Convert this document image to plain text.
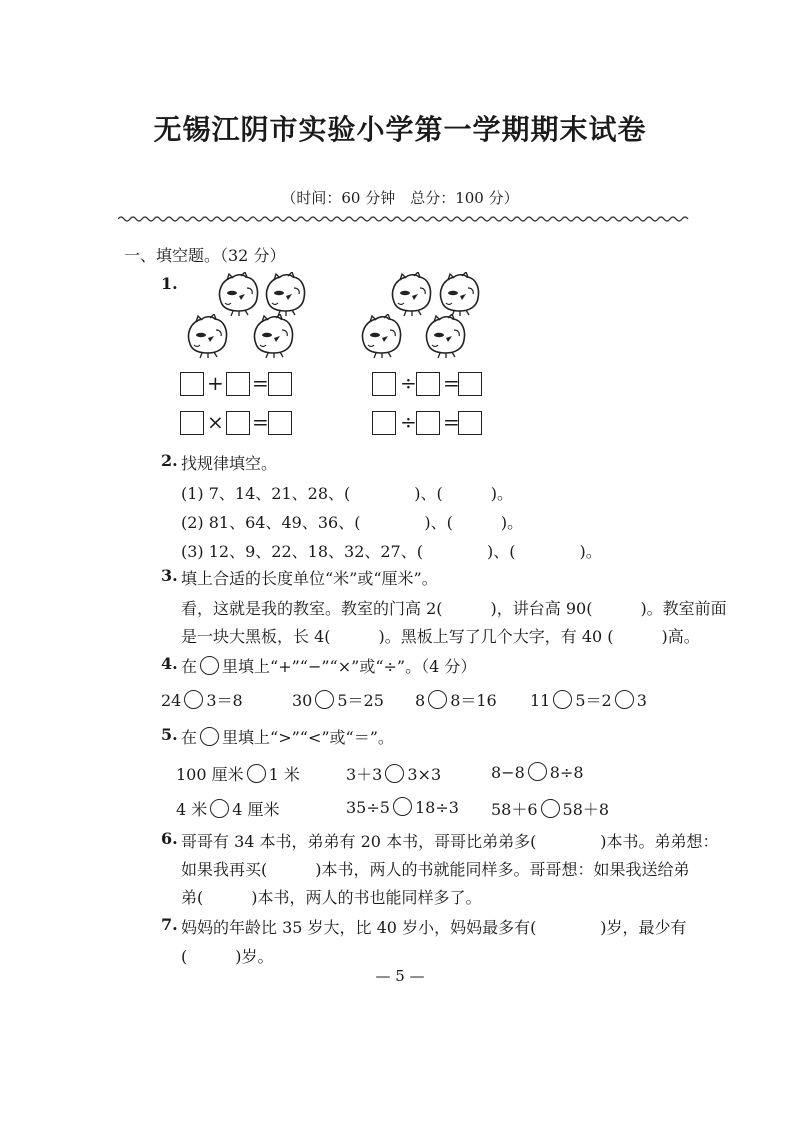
无锡江阴市实验小学第一学期期末试卷
（时间：60 分钟　总分：100 分）
一、填空题。（32 分）
1.
+ =
× =
÷ =
÷ =
2. 找规律填空。
(1) 7、14、21、28、(　　　　)、(　　　)。
(2) 81、64、49、36、(　　　　)、(　　　)。
(3) 12、9、22、18、32、27、(　　　　)、(　　　　)。
3. 填上合适的长度单位“米”或“厘米”。
看，这就是我的教室。教室的门高 2(　　　)，讲台高 90(　　　)。教室前面
是一块大黑板，长 4(　　　)。黑板上写了几个大字，有 40 (　　　)高。
4. 在 里填上“+”“−”“×”或“÷”。（4 分）
24 3＝8	30 5＝25 8 8＝16 11 5＝2 3
5. 在 里填上“>”“<”或“＝”。
100 厘米 1 米	3＋3 3×3	8−8 8÷8
4 米 4 厘米	35÷5 18÷3 58＋6 58＋8
6. 哥哥有 34 本书，弟弟有 20 本书，哥哥比弟弟多(　　　　)本书。弟弟想：
如果我再买(　　　)本书，两人的书就能同样多。哥哥想：如果我送给弟
弟(　　　)本书，两人的书也能同样多了。
7. 妈妈的年龄比 35 岁大，比 40 岁小，妈妈最多有(　　　　)岁，最少有
(　　　)岁。
— 5 —
